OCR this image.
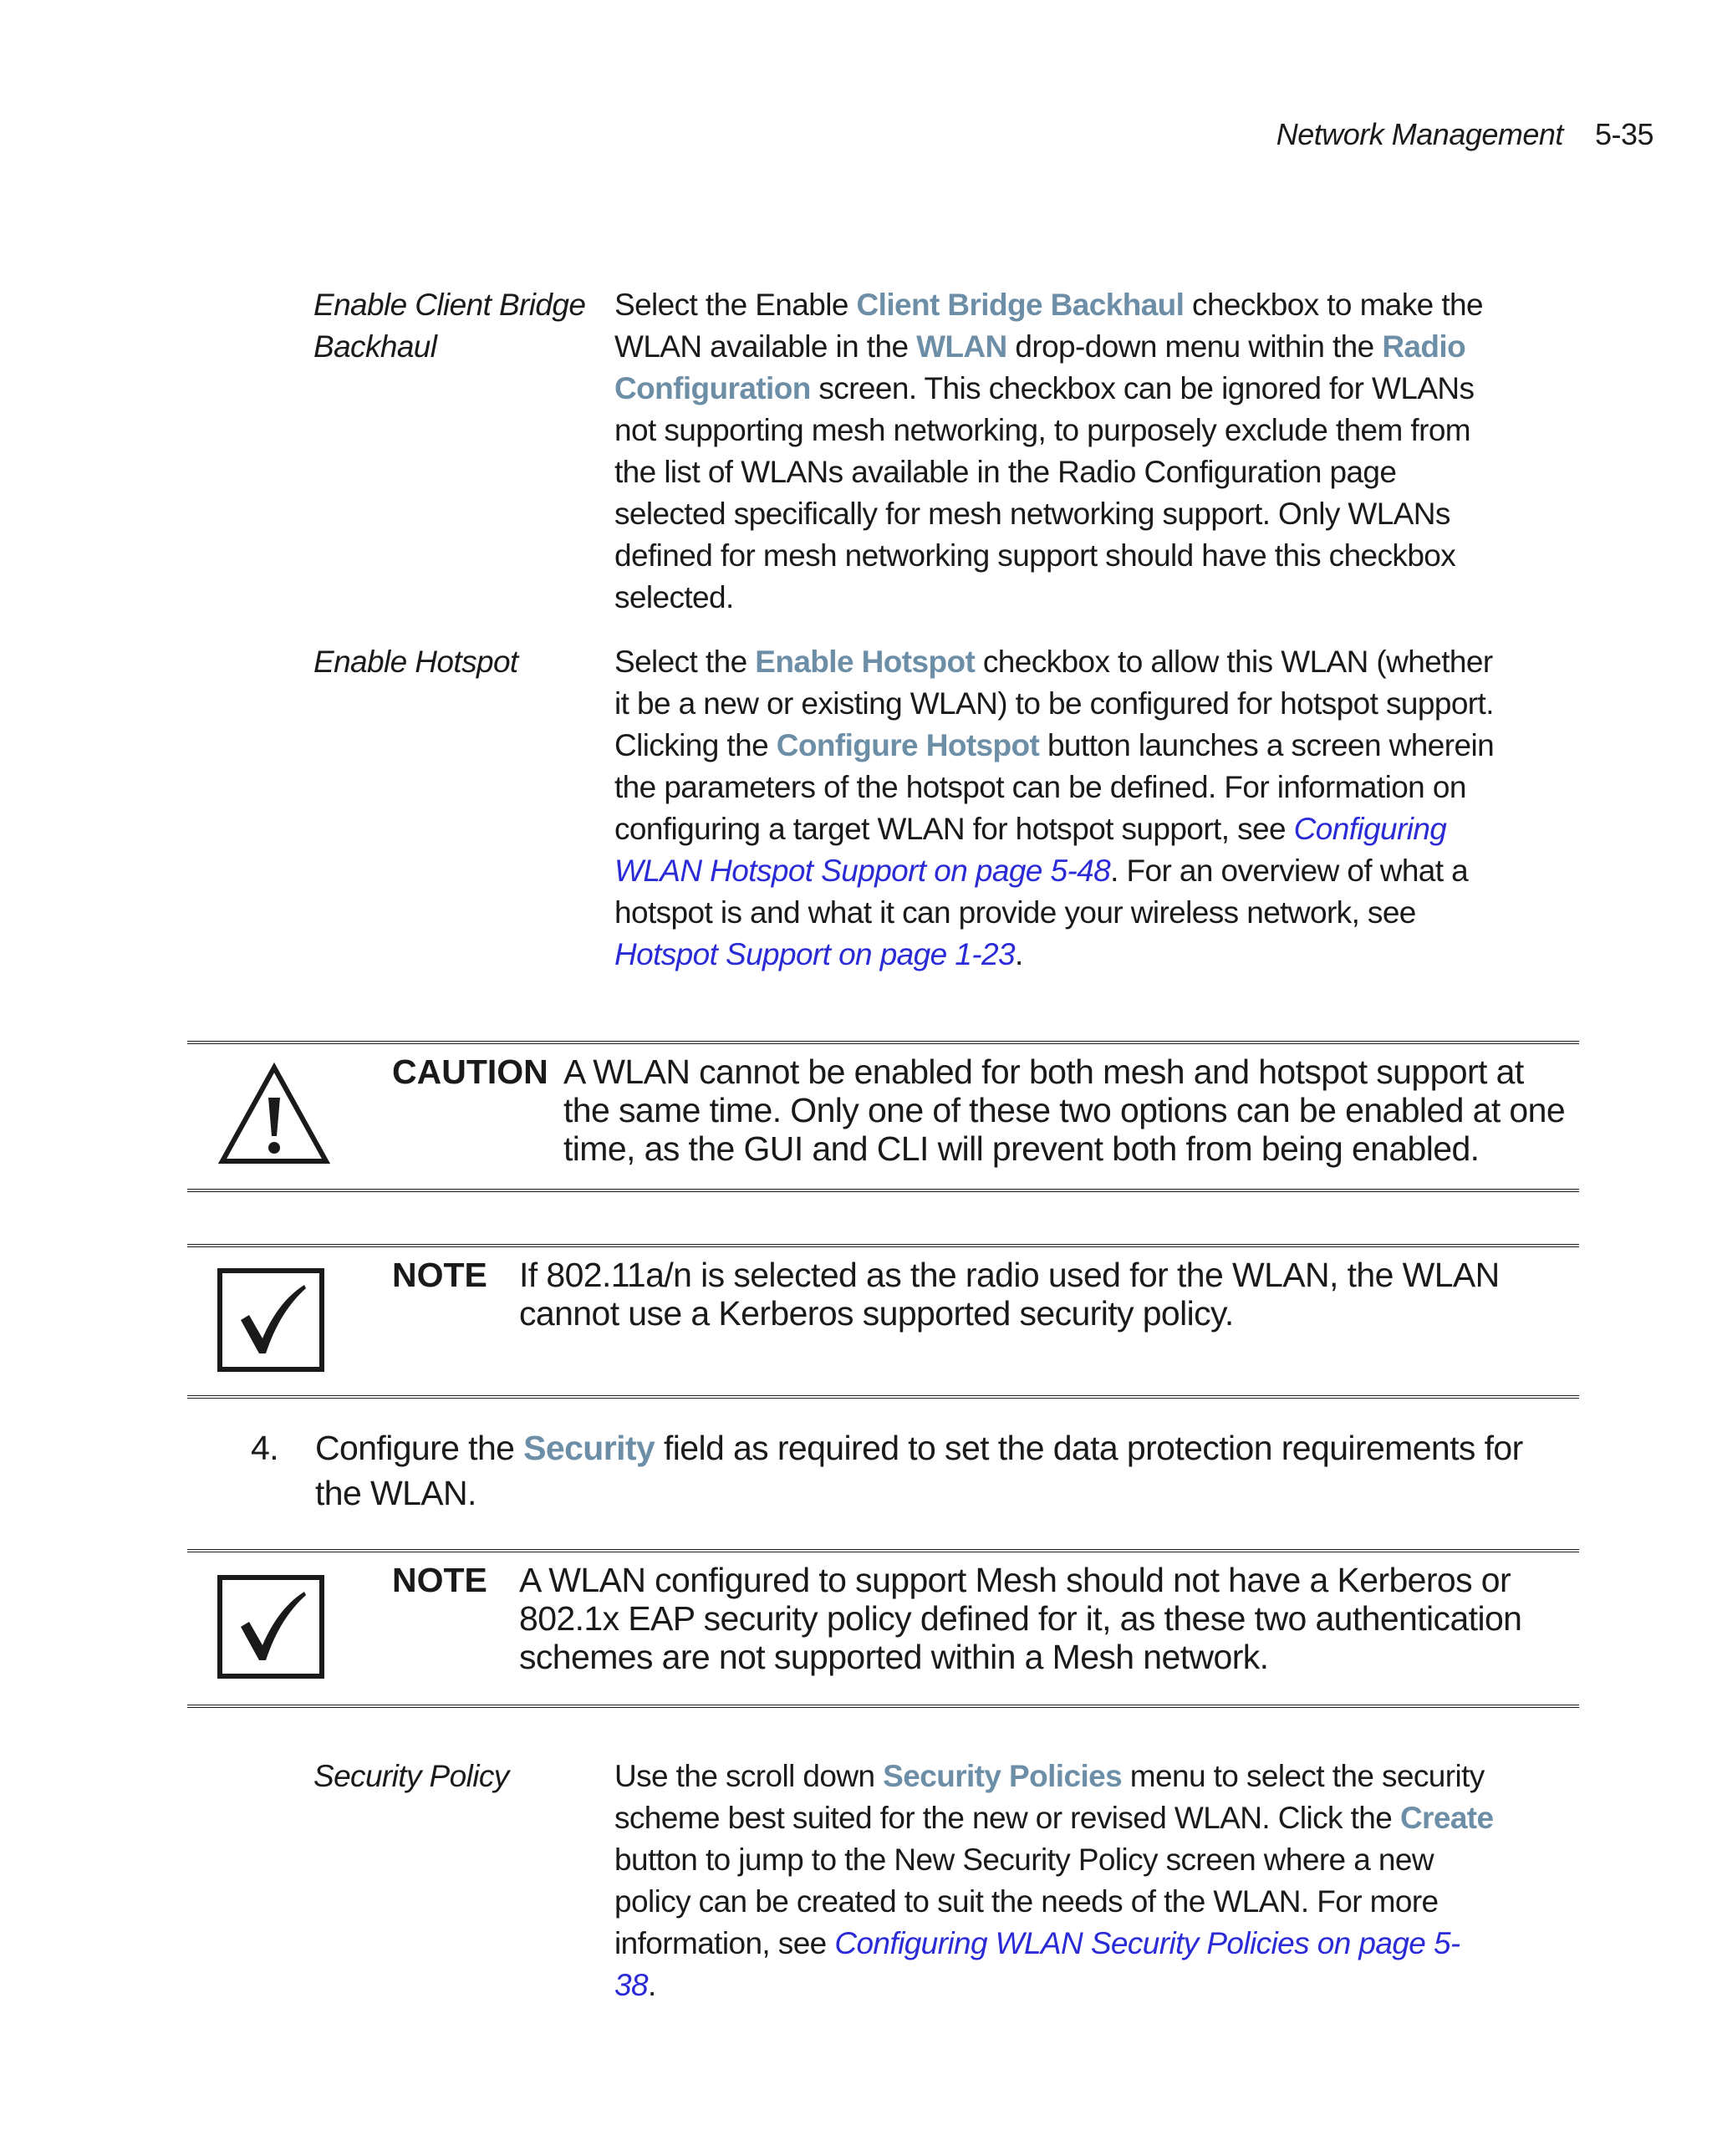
Network Management 5-35
Enable Client Bridge
Backhaul
Select the Enable Client Bridge Backhaul checkbox to make the WLAN available in the WLAN drop-down menu within the Radio Configuration screen. This checkbox can be ignored for WLANs not supporting mesh networking, to purposely exclude them from the list of WLANs available in the Radio Configuration page selected specifically for mesh networking support. Only WLANs defined for mesh networking support should have this checkbox selected.
Enable Hotspot	Select the Enable Hotspot checkbox to allow this WLAN (whether it be a new or existing WLAN) to be configured for hotspot support. Clicking the Configure Hotspot button launches a screen wherein the parameters of the hotspot can be defined. For information on configuring a target WLAN for hotspot support, see Configuring WLAN Hotspot Support on page 5-48. For an overview of what a hotspot is and what it can provide your wireless network, see Hotspot Support on page 1-23.
CAUTION A WLAN cannot be enabled for both mesh and hotspot support at the same time. Only one of these two options can be enabled at one time, as the GUI and CLI will prevent both from being enabled.
NOTE If 802.11a/n is selected as the radio used for the WLAN, the WLAN cannot use a Kerberos supported security policy.
4. Configure the Security field as required to set the data protection requirements for the WLAN.
NOTE A WLAN configured to support Mesh should not have a Kerberos or 802.1x EAP security policy defined for it, as these two authentication schemes are not supported within a Mesh network.
Security Policy	Use the scroll down Security Policies menu to select the security scheme best suited for the new or revised WLAN. Click the Create button to jump to the New Security Policy screen where a new policy can be created to suit the needs of the WLAN. For more information, see Configuring WLAN Security Policies on page 5-38.
